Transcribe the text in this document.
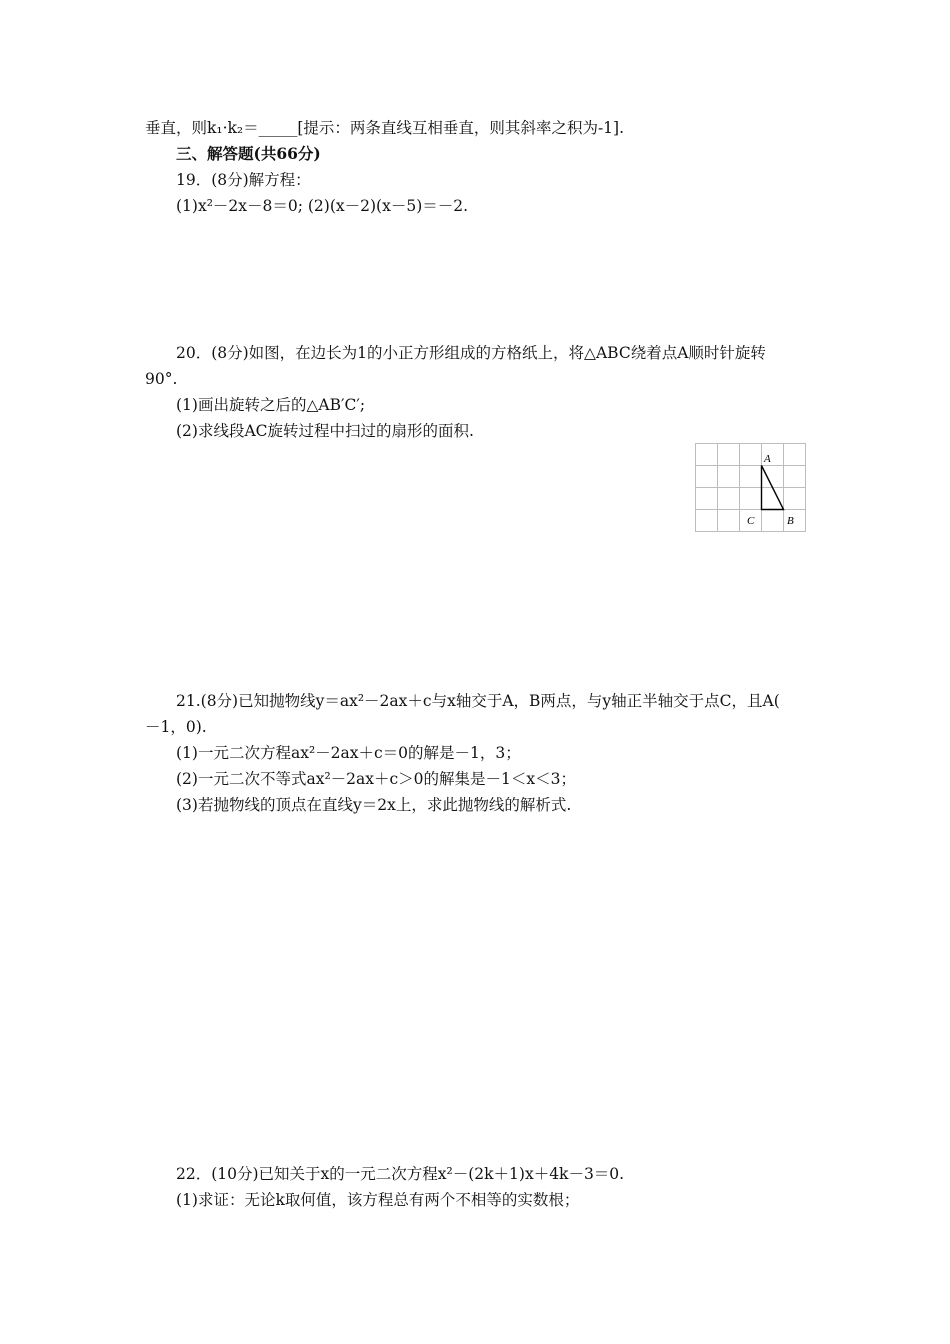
垂直，则k₁·k₂＝_____[提示：两条直线互相垂直，则其斜率之积为-1].
三、解答题(共66分)
19．(8分)解方程：
(1)x²－2x－8＝0; (2)(x－2)(x－5)＝－2.
20．(8分)如图，在边长为1的小正方形组成的方格纸上，将△ABC绕着点A顺时针旋转
90°.
(1)画出旋转之后的△AB′C′;
(2)求线段AC旋转过程中扫过的扇形的面积.
A
C	B
21.(8分)已知抛物线y＝ax²－2ax＋c与x轴交于A，B两点，与y轴正半轴交于点C，且A(
－1，0).
(1)一元二次方程ax²－2ax＋c＝0的解是－1，3；
(2)一元二次不等式ax²－2ax＋c＞0的解集是－1＜x＜3；
(3)若抛物线的顶点在直线y＝2x上，求此抛物线的解析式.
22．(10分)已知关于x的一元二次方程x²－(2k＋1)x＋4k－3＝0.
(1)求证：无论k取何值，该方程总有两个不相等的实数根；
